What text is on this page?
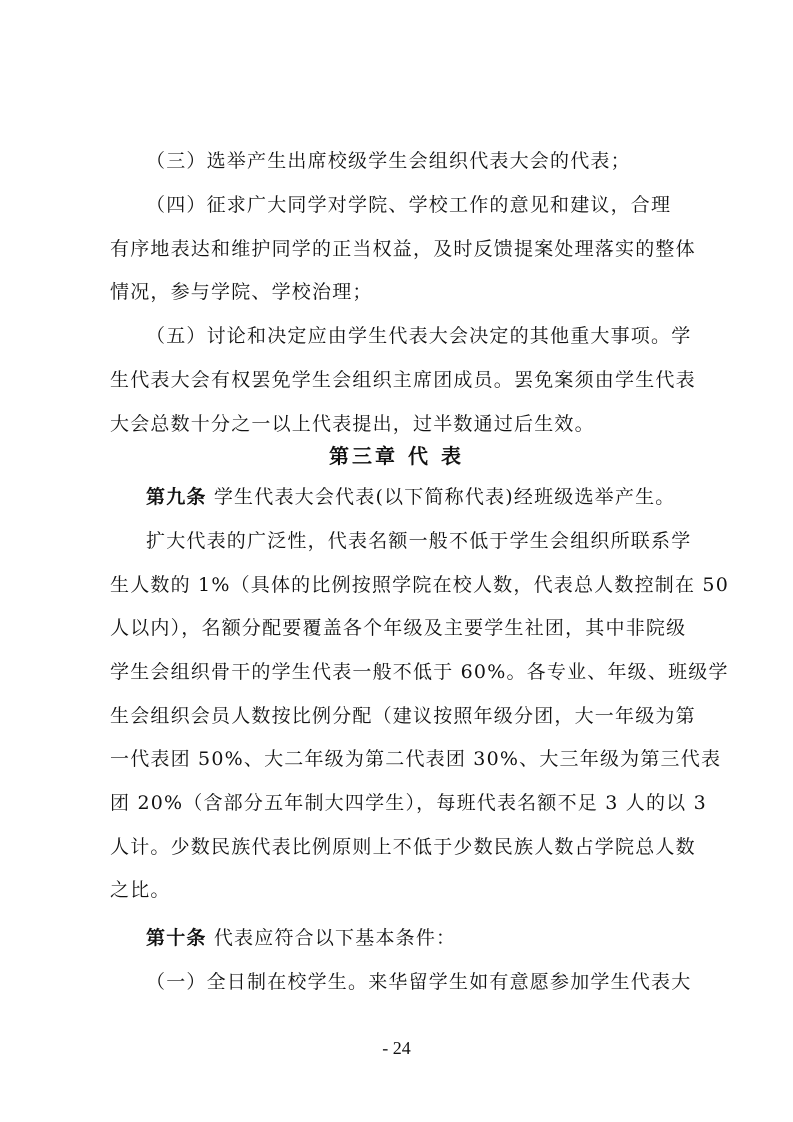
（三）选举产生出席校级学生会组织代表大会的代表；
（四）征求广大同学对学院、学校工作的意见和建议，合理
有序地表达和维护同学的正当权益，及时反馈提案处理落实的整体
情况，参与学院、学校治理；
（五）讨论和决定应由学生代表大会决定的其他重大事项。学
生代表大会有权罢免学生会组织主席团成员。罢免案须由学生代表
大会总数十分之一以上代表提出，过半数通过后生效。
第三章 代 表
第九条 学生代表大会代表(以下简称代表)经班级选举产生。
扩大代表的广泛性，代表名额一般不低于学生会组织所联系学
生人数的 1%（具体的比例按照学院在校人数，代表总人数控制在 50
人以内），名额分配要覆盖各个年级及主要学生社团，其中非院级
学生会组织骨干的学生代表一般不低于 60%。各专业、年级、班级学
生会组织会员人数按比例分配（建议按照年级分团，大一年级为第
一代表团 50%、大二年级为第二代表团 30%、大三年级为第三代表
团 20%（含部分五年制大四学生），每班代表名额不足 3 人的以 3
人计。少数民族代表比例原则上不低于少数民族人数占学院总人数
之比。
第十条 代表应符合以下基本条件：
（一）全日制在校学生。来华留学生如有意愿参加学生代表大
- 24
